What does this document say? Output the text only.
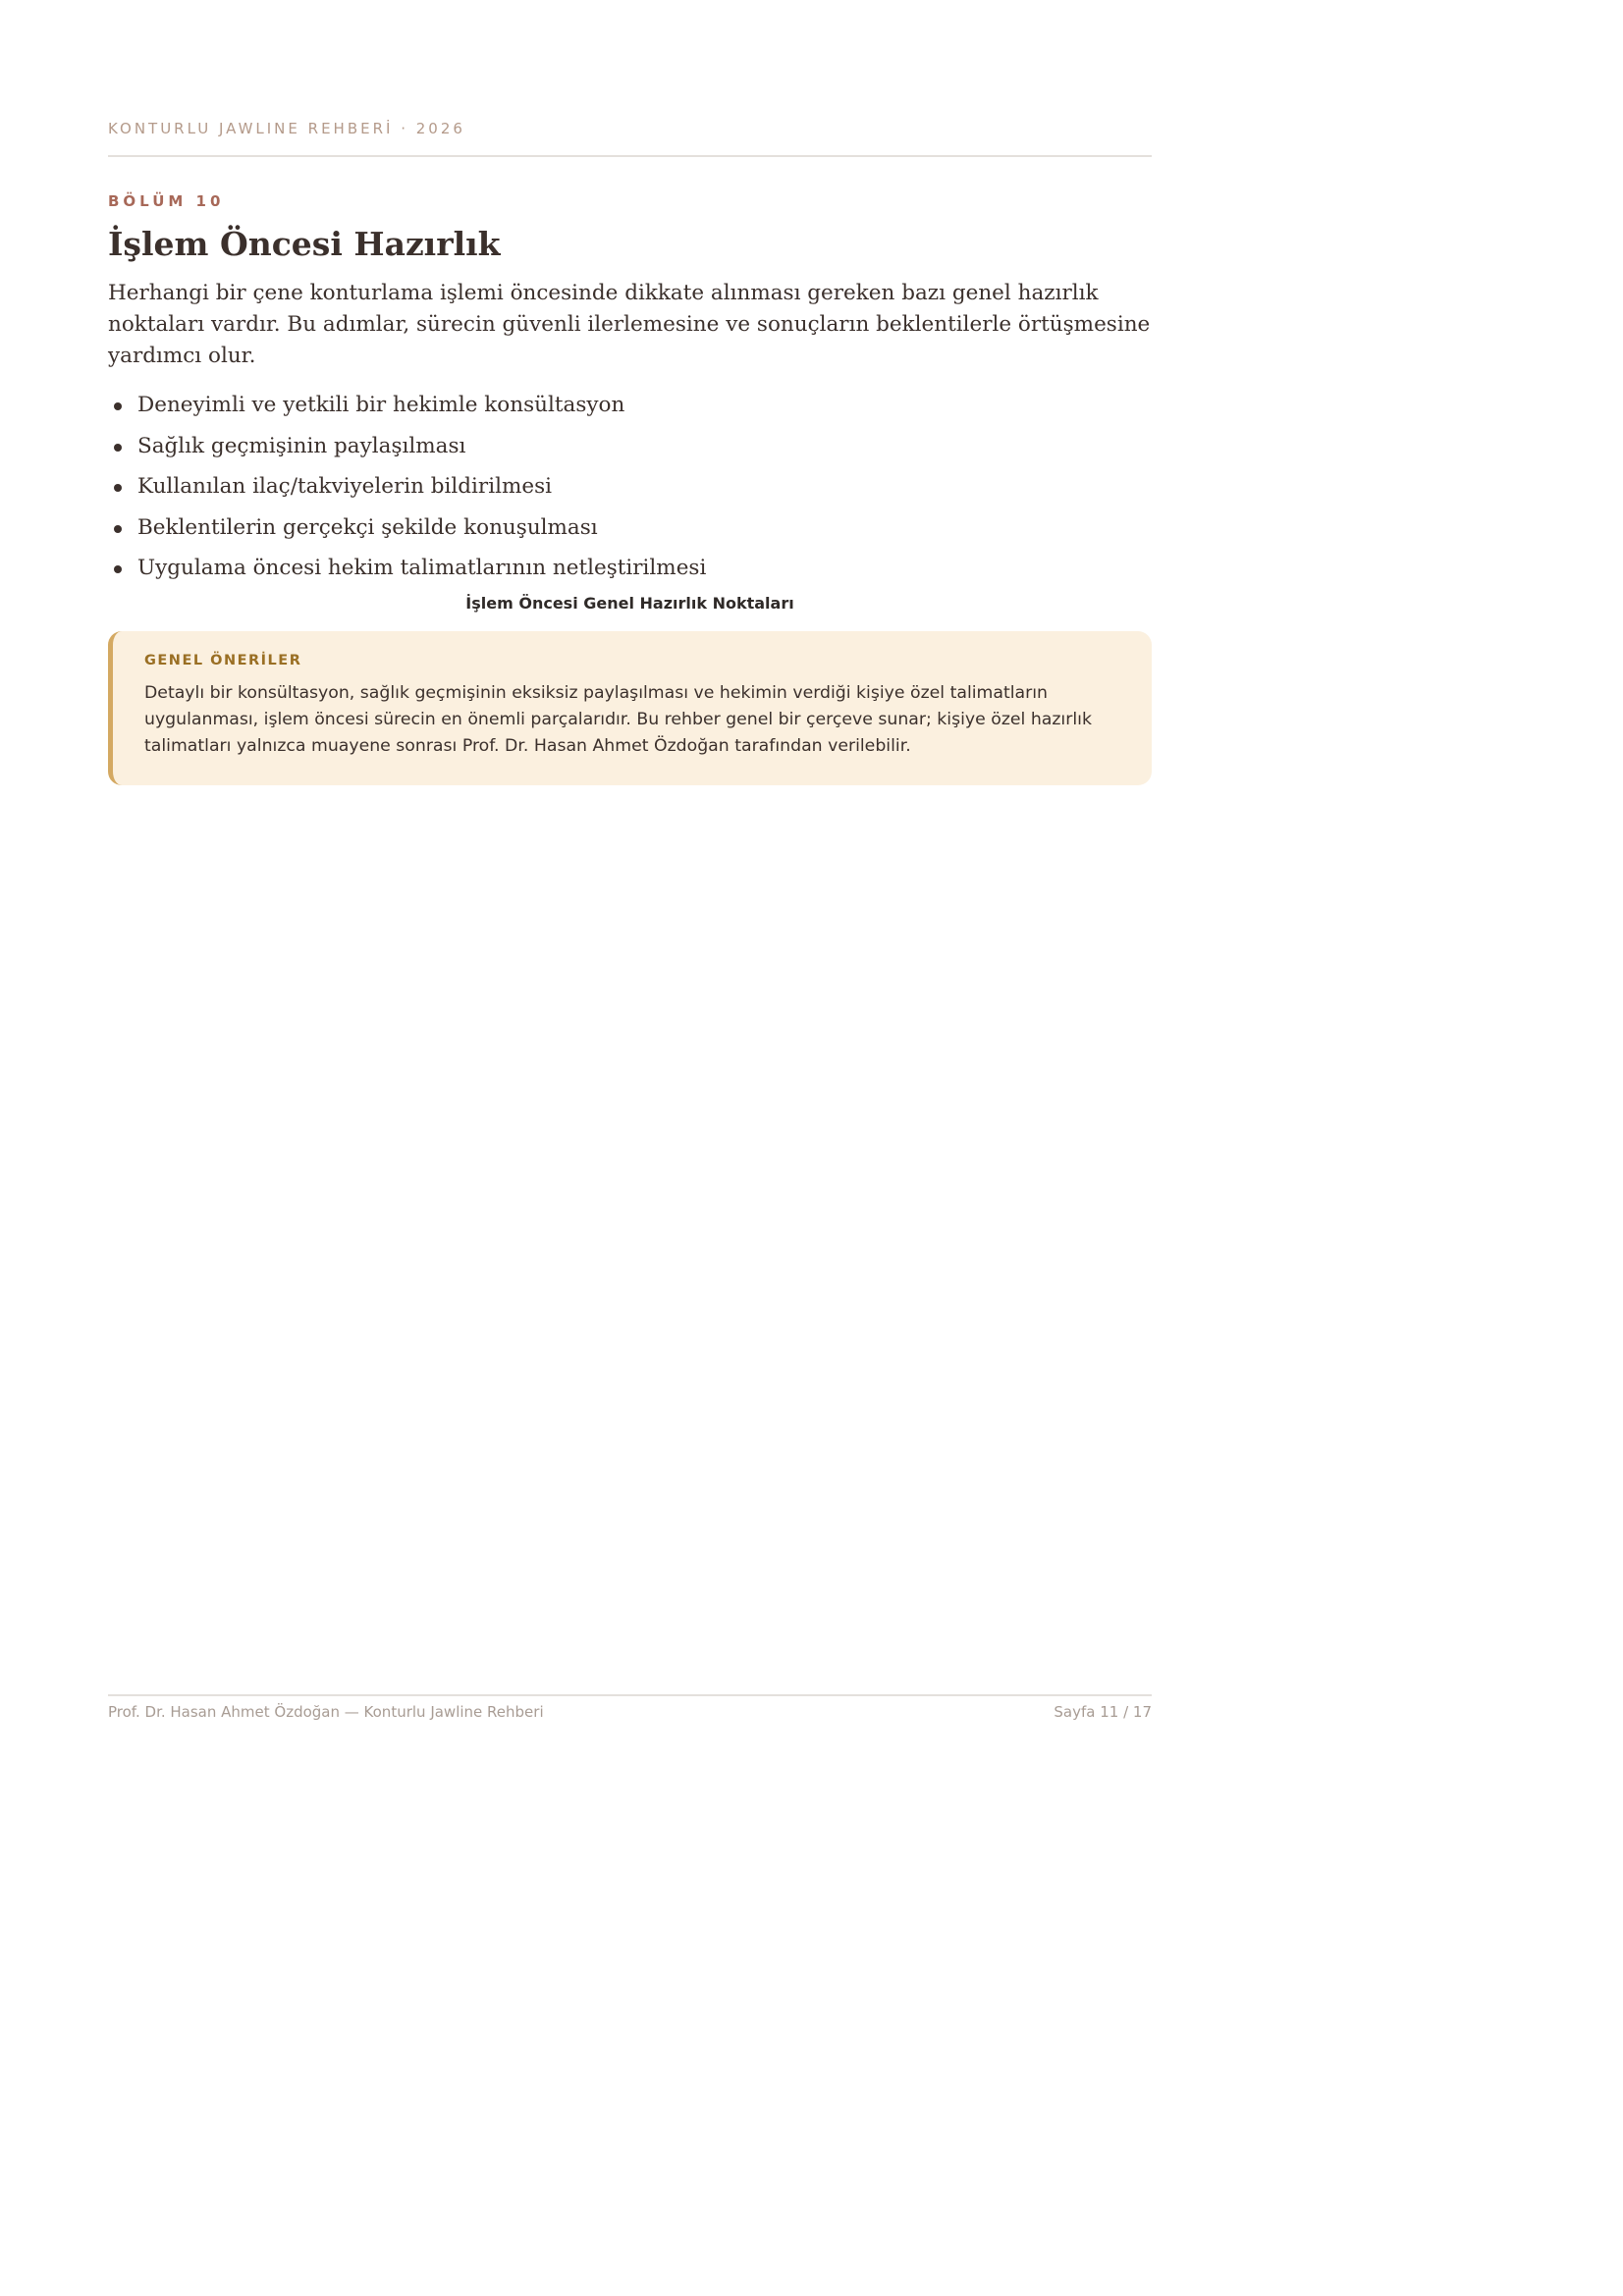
KONTURLU JAWLINE REHBERİ · 2026
BÖLÜM 10
İşlem Öncesi Hazırlık

Herhangi bir çene konturlama işlemi öncesinde dikkate alınması gereken bazı genel hazırlık noktaları vardır. Bu adımlar, sürecin güvenli ilerlemesine ve sonuçların beklentilerle örtüşmesine yardımcı olur.

Deneyimli ve yetkili bir hekimle konsültasyon
Sağlık geçmişinin paylaşılması
Kullanılan ilaç/takviyelerin bildirilmesi
Beklentilerin gerçekçi şekilde konuşulması
Uygulama öncesi hekim talimatlarının netleştirilmesi
İşlem Öncesi Genel Hazırlık Noktaları
GENEL ÖNERİLER
Detaylı bir konsültasyon, sağlık geçmişinin eksiksiz paylaşılması ve hekimin verdiği kişiye özel talimatların uygulanması, işlem öncesi sürecin en önemli parçalarıdır. Bu rehber genel bir çerçeve sunar; kişiye özel hazırlık talimatları yalnızca muayene sonrası Prof. Dr. Hasan Ahmet Özdoğan tarafından verilebilir.
Prof. Dr. Hasan Ahmet Özdoğan — Konturlu Jawline Rehberi	Sayfa 11 / 17
